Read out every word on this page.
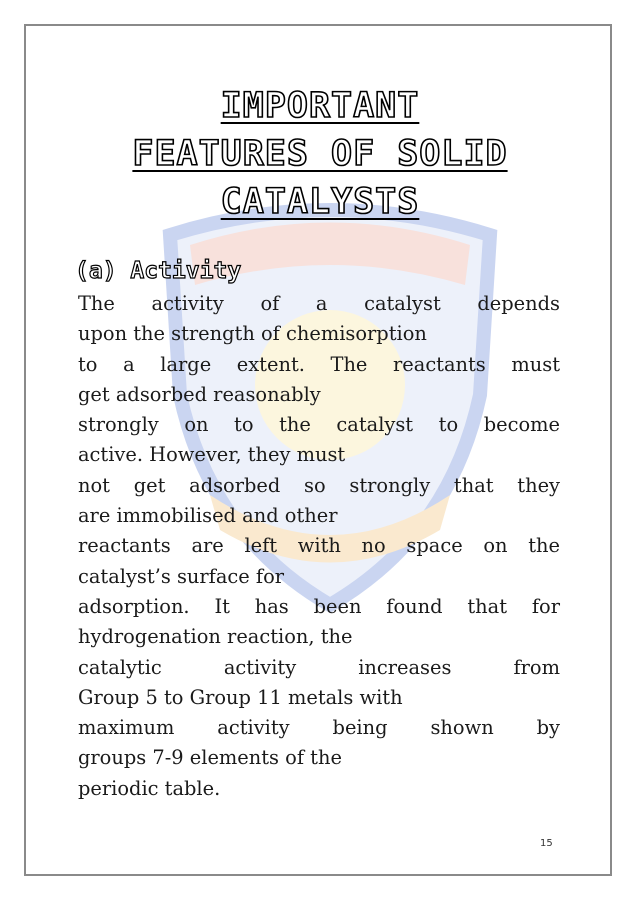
IMPORTANT
FEATURES OF SOLID
CATALYSTS
(a) Activity

The activity of a catalyst depends
upon the strength of chemisorption
to a large extent. The reactants must
get adsorbed reasonably
strongly on to the catalyst to become
active. However, they must
not get adsorbed so strongly that they
are immobilised and other
reactants are left with no space on the
catalyst’s surface for
adsorption. It has been found that for
hydrogenation reaction, the
catalytic activity increases from
Group 5 to Group 11 metals with
maximum activity being shown by
groups 7-9 elements of the
periodic table.

15
